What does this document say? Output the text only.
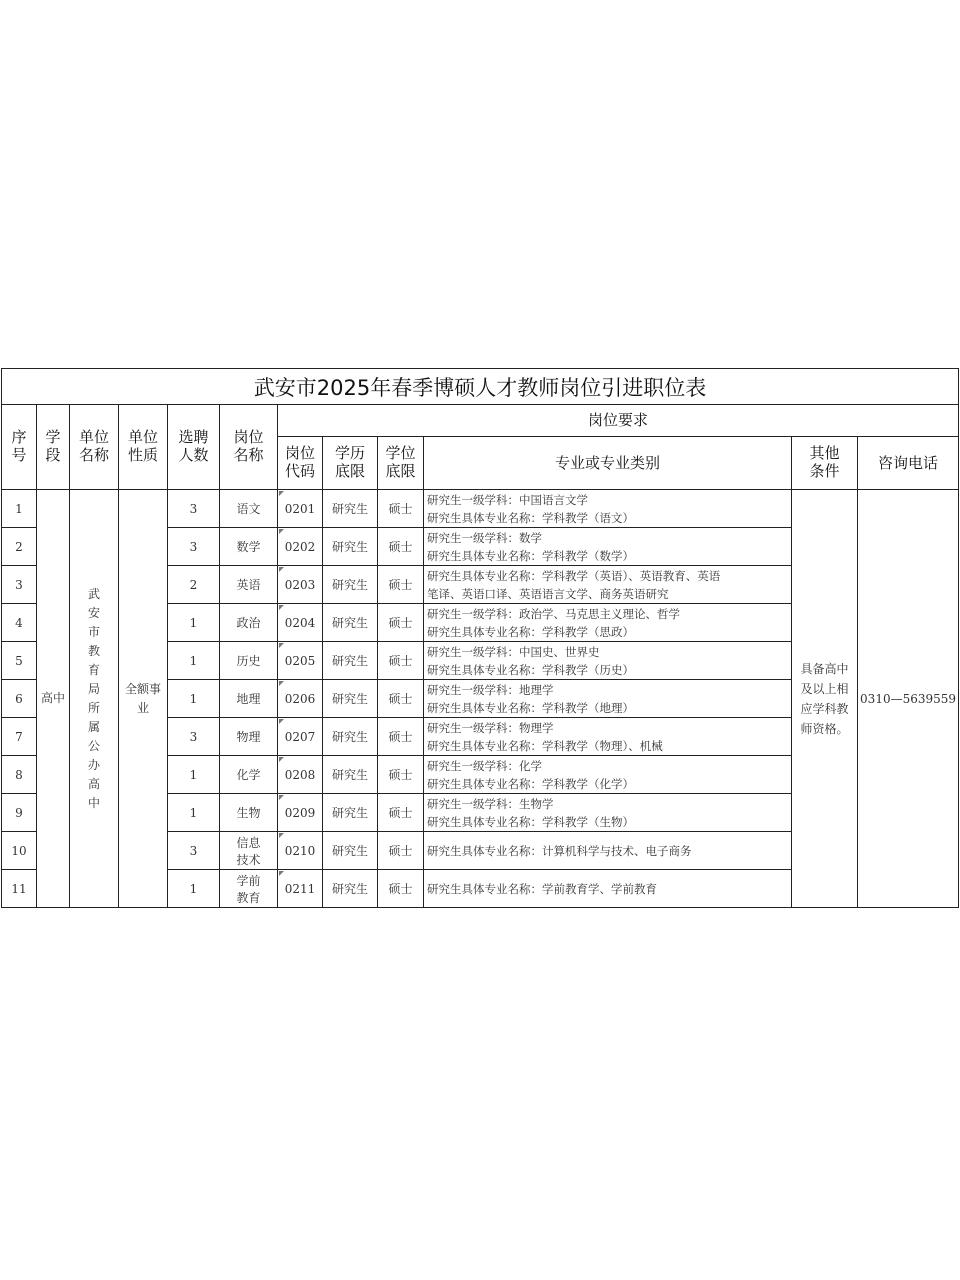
武安市2025年春季博硕人才教师岗位引进职位表											
序号	学段	单位名称	单位性质	选聘人数	岗位名称	岗位要求					
						岗位代码	学历底限	学位底限	专业或专业类别	其他条件	咨询电话
1	高中	武安市教育局所属公办高中	全额事业	3	语文	0201	研究生	硕士	研究生一级学科：中国语言文学
研究生具体专业名称：学科教学（语文）	具备高中及以上相应学科教师资格。	0310—5639559
2				3	数学	0202	研究生	硕士	研究生一级学科：数学
研究生具体专业名称：学科教学（数学）		

3				2	英语	0203	研究生	硕士	研究生具体专业名称：学科教学（英语）、英语教育、英语
笔译、英语口译、英语语言文学、商务英语研究		

4				1	政治	0204	研究生	硕士	研究生一级学科：政治学、马克思主义理论、哲学
研究生具体专业名称：学科教学（思政）		

5				1	历史	0205	研究生	硕士	研究生一级学科：中国史、世界史
研究生具体专业名称：学科教学（历史）		

6				1	地理	0206	研究生	硕士	研究生一级学科：地理学
研究生具体专业名称：学科教学（地理）		

7				3	物理	0207	研究生	硕士	研究生一级学科：物理学
研究生具体专业名称：学科教学（物理）、机械		

8				1	化学	0208	研究生	硕士	研究生一级学科：化学
研究生具体专业名称：学科教学（化学）		

9				1	生物	0209	研究生	硕士	研究生一级学科：生物学
研究生具体专业名称：学科教学（生物）		

10				3	信息技术	0210	研究生	硕士	研究生具体专业名称：计算机科学与技术、电子商务		

11				1	学前教育	0211	研究生	硕士	研究生具体专业名称：学前教育学、学前教育		
